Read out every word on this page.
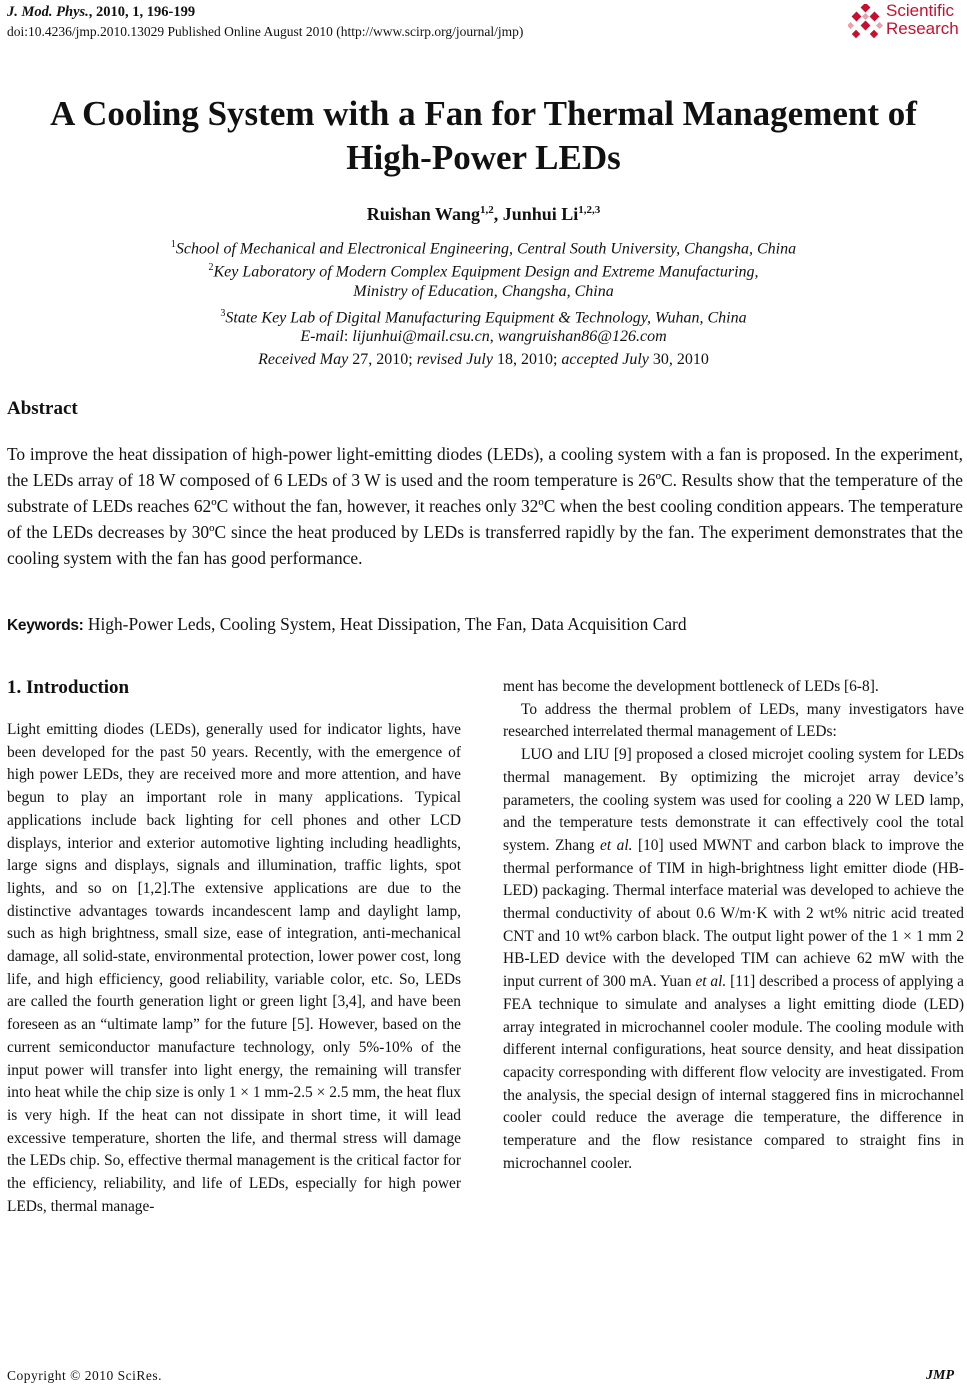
J. Mod. Phys., 2010, 1, 196-199
doi:10.4236/jmp.2010.13029 Published Online August 2010 (http://www.scirp.org/journal/jmp)
Scientific
Research
A Cooling System with a Fan for Thermal Management of
High-Power LEDs
Ruishan Wang$^{1,2}$, Junhui Li$^{1,2,3}$
$^1$School of Mechanical and Electronical Engineering, Central South University, Changsha, China
$^2$Key Laboratory of Modern Complex Equipment Design and Extreme Manufacturing,
Ministry of Education, Changsha, China
$^3$State Key Lab of Digital Manufacturing Equipment & Technology, Wuhan, China
E-mail: lijunhui@mail.csu.cn, wangruishan86@126.com
Received May 27, 2010; revised July 18, 2010; accepted July 30, 2010
Abstract
To improve the heat dissipation of high-power light-emitting diodes (LEDs), a cooling system with a fan is proposed. In the experiment, the LEDs array of 18 W composed of 6 LEDs of 3 W is used and the room temperature is 26ºC. Results show that the temperature of the substrate of LEDs reaches 62ºC without the fan, however, it reaches only 32ºC when the best cooling condition appears. The temperature of the LEDs decreases by 30ºC since the heat produced by LEDs is transferred rapidly by the fan. The experiment demonstrates that the cooling system with the fan has good performance.
Keywords: High-Power Leds, Cooling System, Heat Dissipation, The Fan, Data Acquisition Card
1. Introduction

Light emitting diodes (LEDs), generally used for indicator lights, have been developed for the past 50 years. Recently, with the emergence of high power LEDs, they are received more and more attention, and have begun to play an important role in many applications. Typical applications include back lighting for cell phones and other LCD displays, interior and exterior automotive lighting including headlights, large signs and displays, signals and illumination, traffic lights, spot lights, and so on [1,2].The extensive applications are due to the distinctive advantages towards incandescent lamp and daylight lamp, such as high brightness, small size, ease of integration, anti-mechanical damage, all solid-state, environmental protection, lower power cost, long life, and high efficiency, good reliability, variable color, etc. So, LEDs are called the fourth generation light or green light [3,4], and have been foreseen as an “ultimate lamp” for the future [5]. However, based on the current semiconductor manufacture technology, only 5%-10% of the input power will transfer into light energy, the remaining will transfer into heat while the chip size is only 1 × 1 mm-2.5 × 2.5 mm, the heat flux is very high. If the heat can not dissipate in short time, it will lead excessive temperature, shorten the life, and thermal stress will damage the LEDs chip. So, effective thermal management is the critical factor for the efficiency, reliability, and life of LEDs, especially for high power LEDs, thermal manage-

ment has become the development bottleneck of LEDs [6-8].

To address the thermal problem of LEDs, many investigators have researched interrelated thermal management of LEDs:

LUO and LIU [9] proposed a closed microjet cooling system for LEDs thermal management. By optimizing the microjet array device’s parameters, the cooling system was used for cooling a 220 W LED lamp, and the temperature tests demonstrate it can effectively cool the total system. Zhang et al. [10] used MWNT and carbon black to improve the thermal performance of TIM in high-brightness light emitter diode (HB-LED) packaging. Thermal interface material was developed to achieve the thermal conductivity of about 0.6 W/m·K with 2 wt% nitric acid treated CNT and 10 wt% carbon black. The output light power of the 1 × 1 mm 2 HB-LED device with the developed TIM can achieve 62 mW with the input current of 300 mA. Yuan et al. [11] described a process of applying a FEA technique to simulate and analyses a light emitting diode (LED) array integrated in microchannel cooler module. The cooling module with different internal configurations, heat source density, and heat dissipation capacity corresponding with different flow velocity are investigated. From the analysis, the special design of internal staggered fins in microchannel cooler could reduce the average die temperature, the difference in temperature and the flow resistance compared to straight fins in microchannel cooler.

Copyright © 2010 SciRes.	JMP
